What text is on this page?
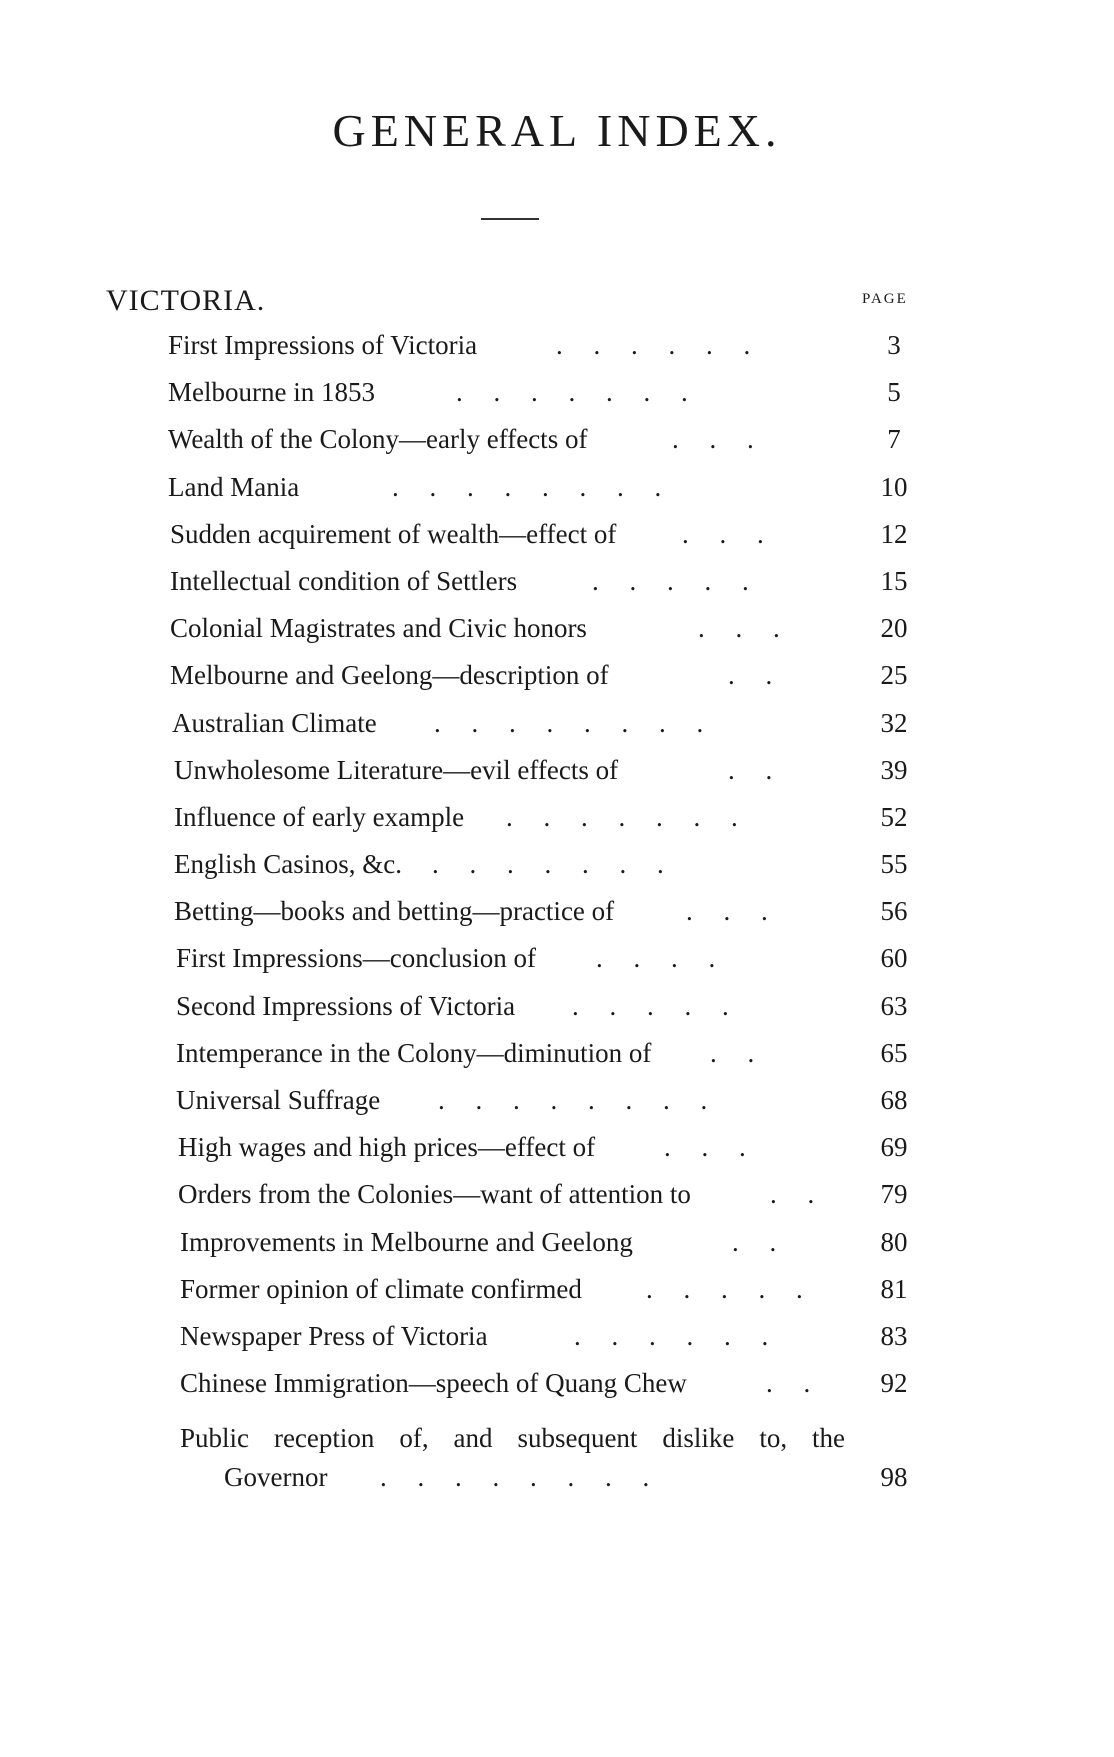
GENERAL INDEX.
VICTORIA.	PAGE
First Impressions of Victoria	. . . . . .	3
Melbourne in 1853	. . . . . . .	5
Wealth of the Colony—early effects of	. . .	7
Land Mania	. . . . . . . .	10
Sudden acquirement of wealth—effect of . . .	12
Intellectual condition of Settlers	. . . . .	15
Colonial Magistrates and Civic honors	. . .	20
Melbourne and Geelong—description of	. .	25
Australian Climate . . . . . . . .	32
Unwholesome Literature—evil effects of	. .	39
Influence of early example . . . . . . .	52
English Casinos, &c. . . . . . . .	55
Betting—books and betting—practice of	. . .	56
First Impressions—conclusion of . . . .	60
Second Impressions of Victoria . . . . .	63
Intemperance in the Colony—diminution of . .	65
Universal Suffrage . . . . . . . .	68
High wages and high prices—effect of	. . .	69
Orders from the Colonies—want of attention to	. .	79
Improvements in Melbourne and Geelong	. .	80
Former opinion of climate confirmed . . . . .	81
Newspaper Press of Victoria	. . . . . .	83
Chinese Immigration—speech of Quang Chew	. .	92
Public reception of, and subsequent dislike to, the
Governor . . . . . . . .	98
